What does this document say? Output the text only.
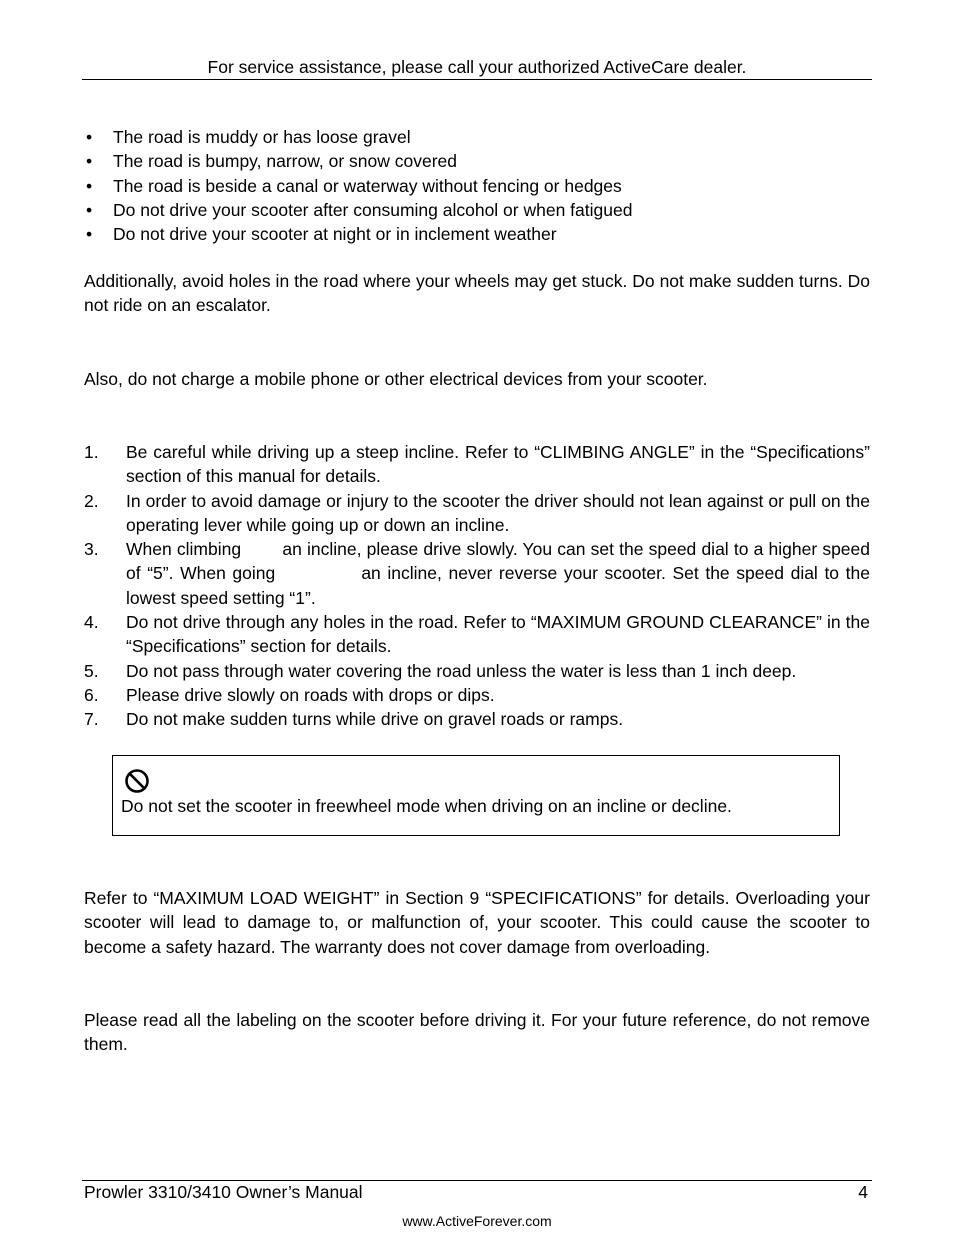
For service assistance, please call your authorized ActiveCare dealer.
• The road is muddy or has loose gravel
• The road is bumpy, narrow, or snow covered
• The road is beside a canal or waterway without fencing or hedges
• Do not drive your scooter after consuming alcohol or when fatigued
• Do not drive your scooter at night or in inclement weather

Additionally, avoid holes in the road where your wheels may get stuck. Do not make sudden turns. Do not ride on an escalator.

Also, do not charge a mobile phone or other electrical devices from your scooter.

1. Be careful while driving up a steep incline. Refer to “CLIMBING ANGLE” in the “Specifications” section of this manual for details.
2. In order to avoid damage or injury to the scooter the driver should not lean against or pull on the operating lever while going up or down an incline.
3. When climbing        an incline, please drive slowly. You can set the speed dial to a higher speed of “5”. When going             an incline, never reverse your scooter. Set the speed dial to the lowest speed setting “1”.
4. Do not drive through any holes in the road. Refer to “MAXIMUM GROUND CLEARANCE” in the “Specifications” section for details.
5. Do not pass through water covering the road unless the water is less than 1 inch deep.
6. Please drive slowly on roads with drops or dips.
7. Do not make sudden turns while drive on gravel roads or ramps.
Do not set the scooter in freewheel mode when driving on an incline or decline.

Refer to “MAXIMUM LOAD WEIGHT” in Section 9 “SPECIFICATIONS” for details. Overloading your scooter will lead to damage to, or malfunction of, your scooter. This could cause the scooter to become a safety hazard. The warranty does not cover damage from overloading.

Please read all the labeling on the scooter before driving it. For your future reference, do not remove them.

Prowler 3310/3410 Owner’s Manual	4
www.ActiveForever.com
